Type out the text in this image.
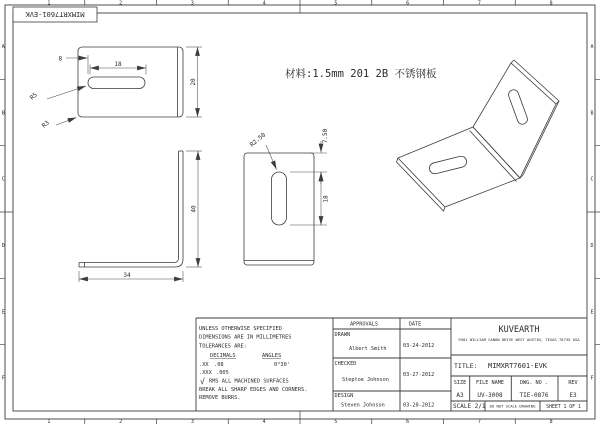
1	2	3	4	5	6	7	8
1	2	3	4	5	6	7	8
A
B
C
D
E
F
A
B
C
D
E
F
MIMXRT7601-EVK
材料:1.5mm 201 2B 不锈钢板
8
18
20
R5
R3
40
34
7.50
18
R2.50
UNLESS OTHERWISE SPECIFIED
DIMENSIONS ARE IN MILLIMETRES
TOLERANCES ARE:
DECIMALS	ANGLES
.XX .08	0°30'
.XXX .005
√ RMS ALL MACHINED SURFACES
BREAK ALL SHARP EDGES AND CORNERS.
REMOVE BURRS.
APPROVALS	DATE
DRAWN
Albert Smith	03-24-2012
CHECKED
Steptoe Johnson
03-27-2012
DESIGN
Steven Johnson	03-20-2012
KUVEARTH
9501 WILLIAM CANON DRIVE WEST AUSTIN, TEXAS 78735 USA
TITLE: MIMXRT7601-EVK
SIZE FILE NAME	DWG. NO .	REV
A3 UV-3008	TIE-0876	E3
SCALE 2/1 DO NOT SCALE DRAWING SHEET 1 OF 1
